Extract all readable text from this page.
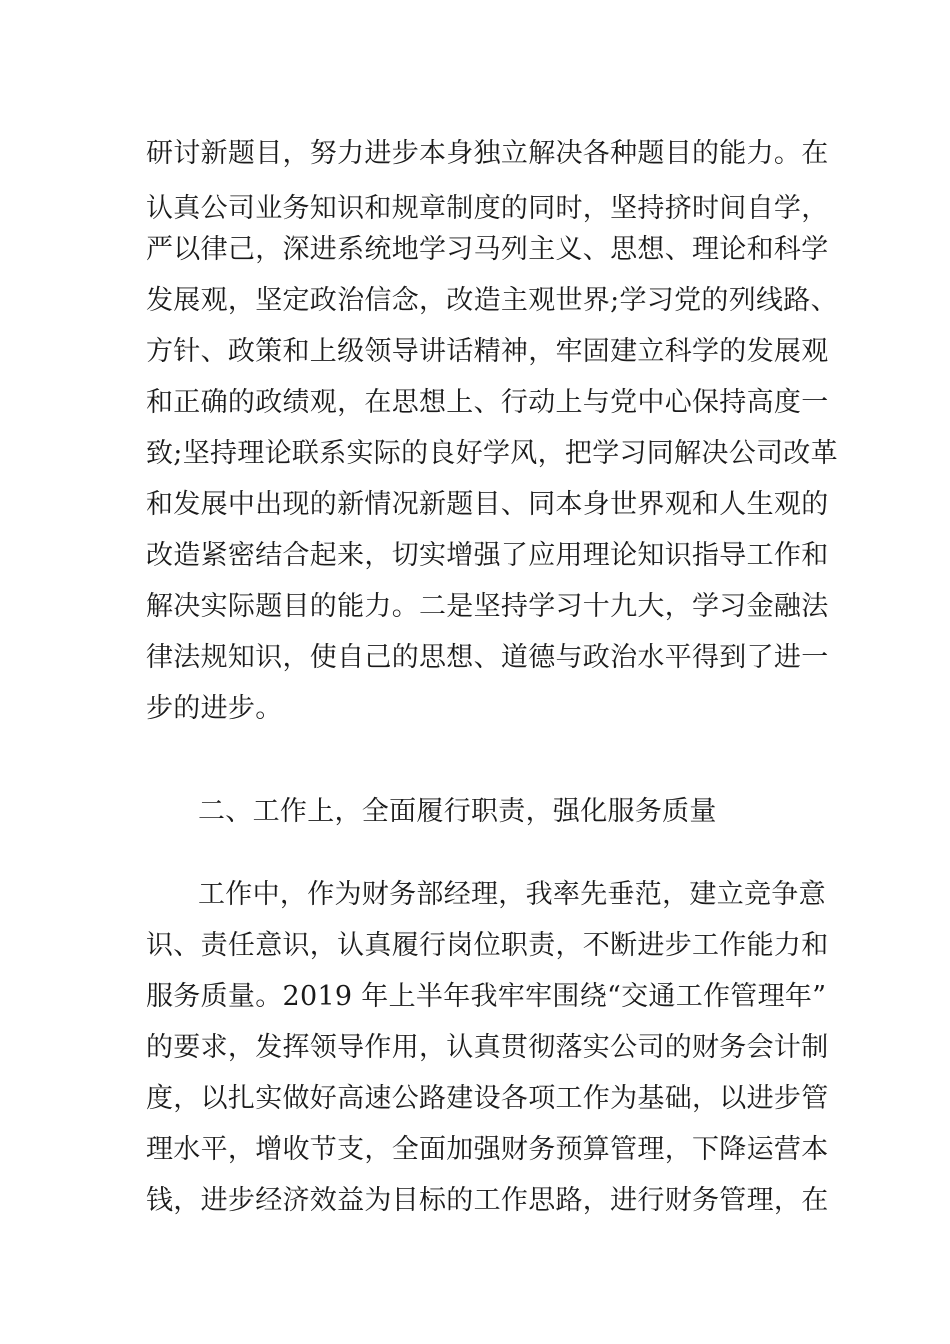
研讨新题目，努力进步本身独立解决各种题目的能力。在
认真公司业务知识和规章制度的同时，坚持挤时间自学，
严以律己，深进系统地学习马列主义、思想、理论和科学
发展观，坚定政治信念，改造主观世界;学习党的列线路、
方针、政策和上级领导讲话精神，牢固建立科学的发展观
和正确的政绩观，在思想上、行动上与党中心保持高度一
致;坚持理论联系实际的良好学风，把学习同解决公司改革
和发展中出现的新情况新题目、同本身世界观和人生观的
改造紧密结合起来，切实增强了应用理论知识指导工作和
解决实际题目的能力。二是坚持学习十九大，学习金融法
律法规知识，使自己的思想、道德与政治水平得到了进一
步的进步。
二、工作上，全面履行职责，强化服务质量
工作中，作为财务部经理，我率先垂范，建立竞争意
识、责任意识，认真履行岗位职责，不断进步工作能力和
服务质量。2019 年上半年我牢牢围绕“交通工作管理年”
的要求，发挥领导作用，认真贯彻落实公司的财务会计制
度，以扎实做好高速公路建设各项工作为基础，以进步管
理水平，增收节支，全面加强财务预算管理，下降运营本
钱，进步经济效益为目标的工作思路，进行财务管理，在
